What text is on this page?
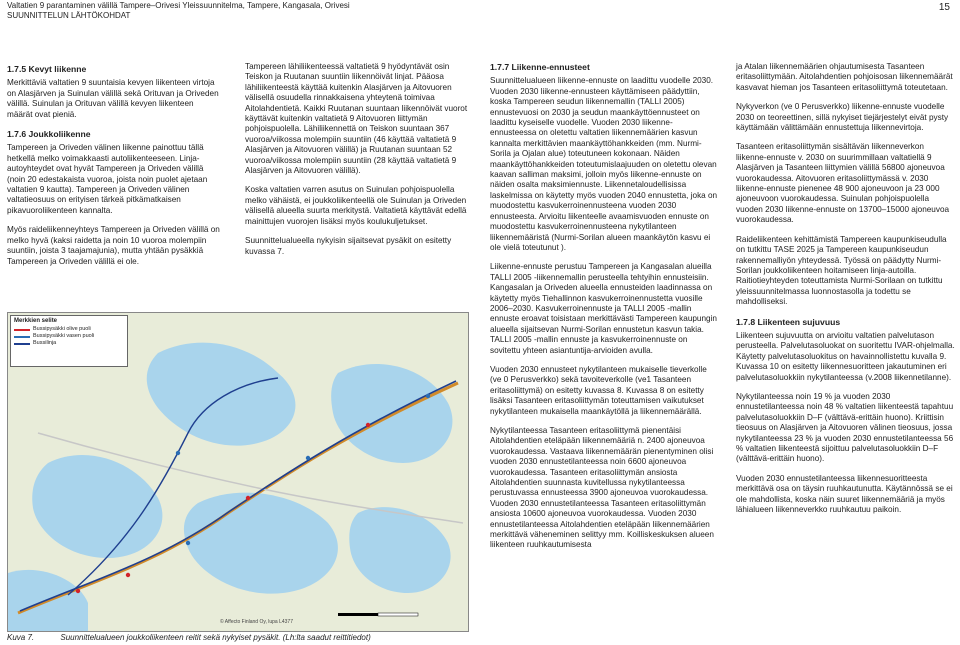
Valtatien 9 parantaminen välillä Tampere–Orivesi Yleissuunnitelma, Tampere, Kangasala, Orivesi
SUUNNITTELUN LÄHTÖKOHDAT
15
1.7.5 Kevyt liikenne

Merkittäviä valtatien 9 suuntaisia kevyen liikenteen virtoja on Alasjärven ja Suinulan välillä sekä Orituvan ja Oriveden välillä. Suinulan ja Orituvan välillä kevyen liikenteen määrät ovat pieniä.

1.7.6 Joukkoliikenne

Tampereen ja Oriveden välinen liikenne painottuu tällä hetkellä melko voimakkaasti autoliikenteeseen. Linja-autoyhteydet ovat hyvät Tampereen ja Oriveden välillä (noin 20 edestakaista vuoroa, joista noin puolet ajetaan valtatien 9 kautta). Tampereen ja Oriveden välinen valtatieosuus on erityisen tärkeä pitkämatkaisen pikavuoroliikenteen kannalta.

Myös raideliikenneyhteys Tampereen ja Oriveden välillä on melko hyvä (kaksi raidetta ja noin 10 vuoroa molempiin suuntiin, joista 3 taajamajunia), mutta yhtään pysäkkiä Tampereen ja Oriveden välillä ei ole.

Tampereen lähiliikenteessä valtatietä 9 hyödyntävät osin Teiskon ja Ruutanan suuntiin liikennöivät linjat. Pääosa lähiliikenteestä käyttää kuitenkin Alasjärven ja Aitovuoren välisellä osuudella rinnakkaisena yhteytenä toimivaa Aitolahdentietä. Kaikki Ruutanan suuntaan liikennöivät vuorot käyttävät kuitenkin valtatietä 9 Aitovuoren liittymän pohjoispuolella. Lähiliikennettä on Teiskon suuntaan 367 vuoroa/viikossa molempiin suuntiin (46 käyttää valtatietä 9 Alasjärven ja Aitovuoren välillä) ja Ruutanan suuntaan 52 vuoroa/viikossa molempiin suuntiin (28 käyttää valtatietä 9 Alasjärven ja Aitovuoren välillä).

Koska valtatien varren asutus on Suinulan pohjoispuolella melko vähäistä, ei joukkoliikenteellä ole Suinulan ja Oriveden välisellä alueella suurta merkitystä. Valtatietä käyttävät edellä mainittujen vuorojen lisäksi myös koulukuljetukset.

Suunnittelualueella nykyisin sijaitsevat pysäkit on esitetty kuvassa 7.

1.7.7 Liikenne-ennusteet

Suunnittelualueen liikenne-ennuste on laadittu vuodelle 2030. Vuoden 2030 liikenne-ennusteen käyttämiseen päädyttiin, koska Tampereen seudun liikennemallin (TALLI 2005) ennustevuosi on 2030 ja seudun maankäyttöennusteet on laadittu kyseiselle vuodelle. Vuoden 2030 liikenne-ennusteessa on oletettu valtatien liikennemäärien kasvun kannalta merkittävien maankäyttöhankkeiden (mm. Nurmi-Sorila ja Ojalan alue) toteutuneen kokonaan. Näiden maankäyttöhankkeiden toteutumislaajuuden on oletettu olevan kaavan salliman maksimi, jolloin myös liikenne-ennuste on näiden osalta maksimiennuste. Liikennetaloudellisissa laskelmissa on käytetty myös vuoden 2040 ennustetta, joka on muodostettu kasvukerroinennusteena vuoden 2030 ennusteesta. Arvioitu liikenteelle avaamisvuoden ennuste on muodostettu kasvukerroinennusteena nykytilanteen liikennemääristä (Nurmi-Sorilan alueen maankäytön kasvu ei ole vielä toteutunut ).

Liikenne-ennuste perustuu Tampereen ja Kangasalan alueilla TALLI 2005 -liikennemallin perusteella tehtyihin ennusteisiin. Kangasalan ja Oriveden alueella ennusteiden laadinnassa on käytetty myös Tiehallinnon kasvukerroinennustetta vuosille 2006–2030. Kasvukerroinennuste ja TALLI 2005 -mallin ennuste eroavat toisistaan merkittävästi Tampereen kaupungin alueella sijaitsevan Nurmi-Sorilan ennustetun kasvun takia. TALLI 2005 -mallin ennuste ja kasvukerroinennuste on sovitettu yhteen asiantuntija-arvioiden avulla.

Vuoden 2030 ennusteet nykytilanteen mukaiselle tieverkolle (ve 0 Perusverkko) sekä tavoiteverkolle (ve1 Tasanteen eritasoliittymä) on esitetty kuvassa 8. Kuvassa 8 on esitetty lisäksi Tasanteen eritasoliittymän toteuttamisen vaikutukset nykytilanteen mukaisella maankäytöllä ja liikennemäärällä.

Nykytilanteessa Tasanteen eritasoliittymä pienentäisi Aitolahdentien eteläpään liikennemääriä n. 2400 ajoneuvoa vuorokaudessa. Vastaava liikennemäärän pienentyminen olisi vuoden 2030 ennustetilanteessa noin 6600 ajoneuvoa vuorokaudessa. Tasanteen eritasoliittymän ansiosta Aitolahdentien suunnasta kuvitellussa nykytilanteessa perustuvassa ennusteessa 3900 ajoneuvoa vuorokaudessa. Vuoden 2030 ennustetilanteessa Tasanteen eritasoliittymän ansiosta 10600 ajoneuvoa vuorokaudessa. Vuoden 2030 ennustetilanteessa Aitolahdentien eteläpään liikennemäärien merkittävä väheneminen selittyy mm. Koilliskeskuksen alueen liikenteen ruuhkautumisesta

ja Atalan liikennemäärien ohjautumisesta Tasanteen eritasoliittymään. Aitolahdentien pohjoisosan liikennemäärät kasvavat hieman jos Tasanteen eritasoliittymä toteutetaan.

Nykyverkon (ve 0 Perusverkko) liikenne-ennuste vuodelle 2030 on teoreettinen, sillä nykyiset tiejärjestelyt eivät pysty käyttämään välittämään ennustettuja liikennevirtoja.

Tasanteen eritasoliittymän sisältävän liikenneverkon liikenne-ennuste v. 2030 on suurimmillaan valtatiellä 9 Alasjärven ja Tasanteen liittymien välillä 56800 ajoneuvoa vuorokaudessa. Aitovuoren eritasoliittymässä v. 2030 liikenne-ennuste pienenee 48 900 ajoneuvoon ja 23 000 ajoneuvoon vuorokaudessa. Suinulan pohjoispuolella vuoden 2030 liikenne-ennuste on 13700–15000 ajoneuvoa vuorokaudessa.

Raideliikenteen kehittämistä Tampereen kaupunkiseudulla on tutkittu TASE 2025 ja Tampereen kaupunkiseudun rakennemalliyön yhteydessä. Työssä on päädytty Nurmi-Sorilan joukkoliikenteen hoitamiseen linja-autoilla. Raitiotieyhteyden toteuttamista Nurmi-Sorilaan on tutkittu yleissuunnitelmassa luonnostasolla ja todettu se mahdolliseksi.

1.7.8 Liikenteen sujuvuus

Liikenteen sujuvuutta on arvioitu valtatien palvelutason perusteella. Palvelutasoluokat on suoritettu IVAR-ohjelmalla. Käytetty palvelutasoluokitus on havainnollistettu kuvalla 9. Kuvassa 10 on esitetty liikennesuoritteen jakautuminen eri palvelutasoluokkiin nykytilanteessa (v.2008 liikennetilanne).

Nykytilanteessa noin 19 % ja vuoden 2030 ennustetilanteessa noin 48 % valtatien liikenteestä tapahtuu palvelutasoluokkiin D–F (välttävä-erittäin huono). Kriittisin tieosuus on Alasjärven ja Aitovuoren välinen tieosuus, jossa nykytilanteessa 23 % ja vuoden 2030 ennustetilanteessa 56 % valtatien liikenteestä sijoittuu palvelutasoluokkiin D–F (välttävä-erittäin huono).

Vuoden 2030 ennustetilanteessa liikennesuoritteesta merkittävä osa on täysin ruuhkautunutta. Käytännössä se ei ole mahdollista, koska näin suuret liikennemääriä ja myös lähialueen liikenneverkko ruuhkautuu paikoin.

Merkkien selite
Bussipysäkki olive puoli
Bussipysäkki vasen puoli
Bussilinja
© Affecto Finland Oy, lupa L4377
Kuva 7.	Suunnittelualueen joukkoliikenteen reitit sekä nykyiset pysäkit. (Lh:lta saadut reittitiedot)
